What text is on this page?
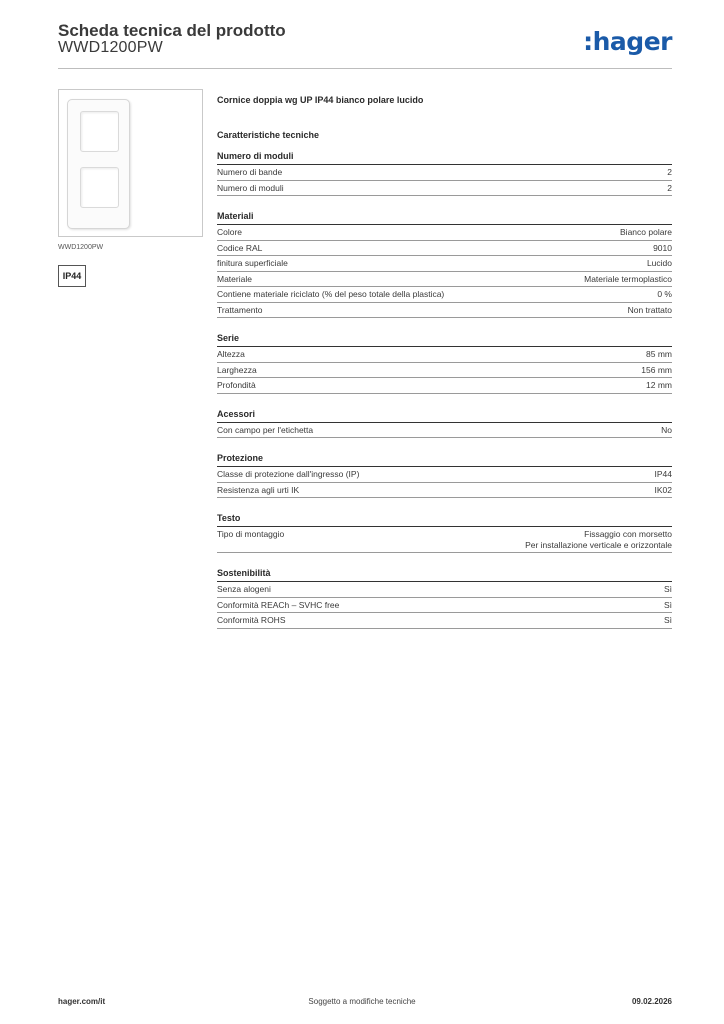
Scheda tecnica del prodotto
WWD1200PW	:hager
WWD1200PW
IP44
Cornice doppia wg UP IP44 bianco polare lucido
Caratteristiche tecniche
Numero di moduli
Numero di bande	2
Numero di moduli	2
Materiali
Colore	Bianco polare
Codice RAL	9010
finitura superficiale	Lucido
Materiale	Materiale termoplastico
Contiene materiale riciclato (% del peso totale della plastica)	0 %
Trattamento	Non trattato
Serie
Altezza	85 mm
Larghezza	156 mm
Profondità	12 mm
Acessori
Con campo per l'etichetta	No
Protezione
Classe di protezione dall'ingresso (IP)	IP44
Resistenza agli urti IK	IK02
Testo
Tipo di montaggio	Fissaggio con morsetto
Per installazione verticale e orizzontale
Sostenibilità
Senza alogeni	Sì
Conformità REACh – SVHC free	Sì
Conformità ROHS	Sì
hager.com/it	Soggetto a modifiche tecniche	09.02.2026
